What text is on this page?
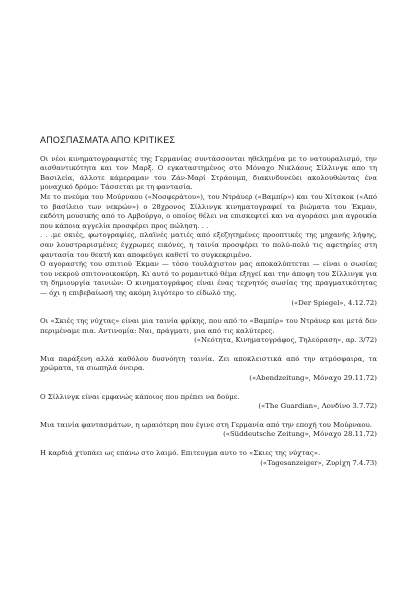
ΑΠΟΣΠΑΣΜΑΤΑ ΑΠΟ ΚΡΙΤΙΚΕΣ

Οι νέοι κινηματογραφιστές της Γερμανίας συντάσσονται ηθελημένα με το νατουραλισμό, την αισθαντικότητα και τον Μαρξ. Ο εγκαταστημένος στο Μόναχο Νικλάους Σίλλινγκ απο τη Βασιλεία, άλλοτε κάμεραμαν του Ζάν-Μαρί Στράουμπ, διακινδυνεύει ακολουθώντας ένα μοναχικό δρόμο: Τάσσεται με τη φαντασία.

Με το πνεύμα του Μούρναου («Νοσφεράτου»), του Ντράυερ («Βαμπίρ») και του Χίτσκοκ («Από το βασίλειο των νεκρών») ο 28χρονος Σίλλινγκ κινηματογραφεί τα βιώματα του Έκμαν, εκδότη μουσικής από το Αμβούργο, ο οποίος θέλει να επισκεφτεί και να αγοράσει μια αγροικία που κάποια αγγελία προσφέρει προς πώληση. . .

. . .με σκιές, φωτογραφίες, πλαϊνές ματιές από εξεζητημένες προοπτικές της μηχανής λήψης, σαν λουστραρισμένες έγχρωμες εικόνες, η ταινία προσφέρει το πολύ-πολύ τις αφετηρίες στη φαντασία του θεατή και αποφεύγει καθετί το συγκεκριμένο.

Ο αγοραστής του σπιτιού Έκμαν — τόσο τουλάχιστον μας αποκαλύπτεται — είναι ο σωσίας του νεκρού σπιτονοικοκύρη. Κι αυτό το ρομαντικό θέμα εξηγεί και την άποψη του Σίλλινγκ για τη δημιουργία ταινιών: Ο κινηματογράφος είναι ένας τεχνητός σωσίας της πραγματικότητας — όχι η επιβεβαίωσή της ακόμη λιγότερο το είδωλό της.

(«Der Spiegel», 4.12.72)

Οι «Σκιές της νύχτας» είναι μια ταινία φρίκης, που από το «Βαμπίρ» του Ντράυερ και μετά δεν περιμέναμε πια. Αντινομία: Ναι, πράγματι, μια από τις καλύτερες.

(«Νεότητα, Κινηματογράφος, Τηλεόραση», αρ. 3/72)

Μια παράξενη αλλά καθόλου δυσνόητη ταινία. Ζει αποκλειστικά από την ατμόσφαιρα, τα χρώματα, τα σιωπηλά όνειρα.

(«Abendzeitung», Μόναχο 29.11.72)

Ο Σίλλινγκ είναι εμφανώς κάποιος που πρέπει να δούμε.

(«The Guardian», Λονδίνο 3.7.72)

Μια ταινία φαντασμάτων, η ωραιότερη που έγινε στη Γερμανία από την εποχή του Μούρναου.

(«Süddeutsche Zeitung», Μόναχο 28.11.72)

Η καρδιά χτυπάει ως επάνω στο λαιμό. Επιτευγμα αυτο το «Σκιες της νύχτας».

(«Tagesanzeiger», Ζυρίχη 7.4.73)
